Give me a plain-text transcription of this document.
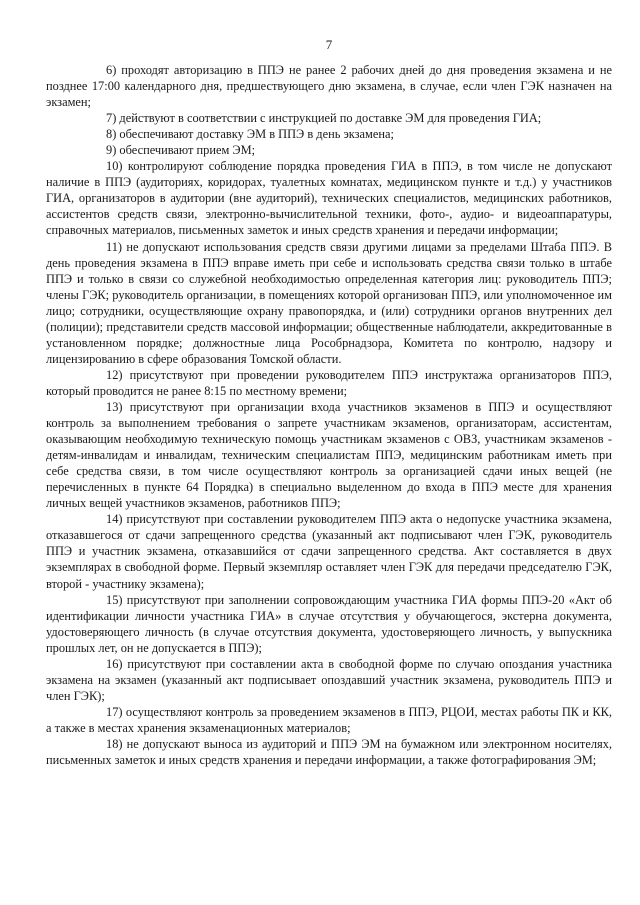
7

6) проходят авторизацию в ППЭ не ранее 2 рабочих дней до дня проведения экзамена и не позднее 17:00 календарного дня, предшествующего дню экзамена, в случае, если член ГЭК назначен на экзамен;

7) действуют в соответствии с инструкцией по доставке ЭМ для проведения ГИА;

8) обеспечивают доставку ЭМ в ППЭ в день экзамена;

9) обеспечивают прием ЭМ;

10) контролируют соблюдение порядка проведения ГИА в ППЭ, в том числе не допускают наличие в ППЭ (аудиториях, коридорах, туалетных комнатах, медицинском пункте и т.д.) у участников ГИА, организаторов в аудитории (вне аудиторий), технических специалистов, медицинских работников, ассистентов средств связи, электронно-вычислительной техники, фото-, аудио- и видеоаппаратуры, справочных материалов, письменных заметок и иных средств хранения и передачи информации;

11) не допускают использования средств связи другими лицами за пределами Штаба ППЭ. В день проведения экзамена в ППЭ вправе иметь при себе и использовать средства связи только в штабе ППЭ и только в связи со служебной необходимостью определенная категория лиц: руководитель ППЭ; члены ГЭК; руководитель организации, в помещениях которой организован ППЭ, или уполномоченное им лицо; сотрудники, осуществляющие охрану правопорядка, и (или) сотрудники органов внутренних дел (полиции); представители средств массовой информации; общественные наблюдатели, аккредитованные в установленном порядке; должностные лица Рособрнадзора, Комитета по контролю, надзору и лицензированию в сфере образования Томской области.

12) присутствуют при проведении руководителем ППЭ инструктажа организаторов ППЭ, который проводится не ранее 8:15 по местному времени;

13) присутствуют при организации входа участников экзаменов в ППЭ и осуществляют контроль за выполнением требования о запрете участникам экзаменов, организаторам, ассистентам, оказывающим необходимую техническую помощь участникам экзаменов с ОВЗ, участникам экзаменов - детям-инвалидам и инвалидам, техническим специалистам ППЭ, медицинским работникам иметь при себе средства связи, в том числе осуществляют контроль за организацией сдачи иных вещей (не перечисленных в пункте 64 Порядка) в специально выделенном до входа в ППЭ месте для хранения личных вещей участников экзаменов, работников ППЭ;

14) присутствуют при составлении руководителем ППЭ акта о недопуске участника экзамена, отказавшегося от сдачи запрещенного средства (указанный акт подписывают член ГЭК, руководитель ППЭ и участник экзамена, отказавшийся от сдачи запрещенного средства. Акт составляется в двух экземплярах в свободной форме. Первый экземпляр оставляет член ГЭК для передачи председателю ГЭК, второй - участнику экзамена);

15) присутствуют при заполнении сопровождающим участника ГИА формы ППЭ-20 «Акт об идентификации личности участника ГИА» в случае отсутствия у обучающегося, экстерна документа, удостоверяющего личность (в случае отсутствия документа, удостоверяющего личность, у выпускника прошлых лет, он не допускается в ППЭ);

16) присутствуют при составлении акта в свободной форме по случаю опоздания участника экзамена на экзамен (указанный акт подписывает опоздавший участник экзамена, руководитель ППЭ и член ГЭК);

17) осуществляют контроль за проведением экзаменов в ППЭ, РЦОИ, местах работы ПК и КК, а также в местах хранения экзаменационных материалов;

18) не допускают выноса из аудиторий и ППЭ ЭМ на бумажном или электронном носителях, письменных заметок и иных средств хранения и передачи информации, а также фотографирования ЭМ;
